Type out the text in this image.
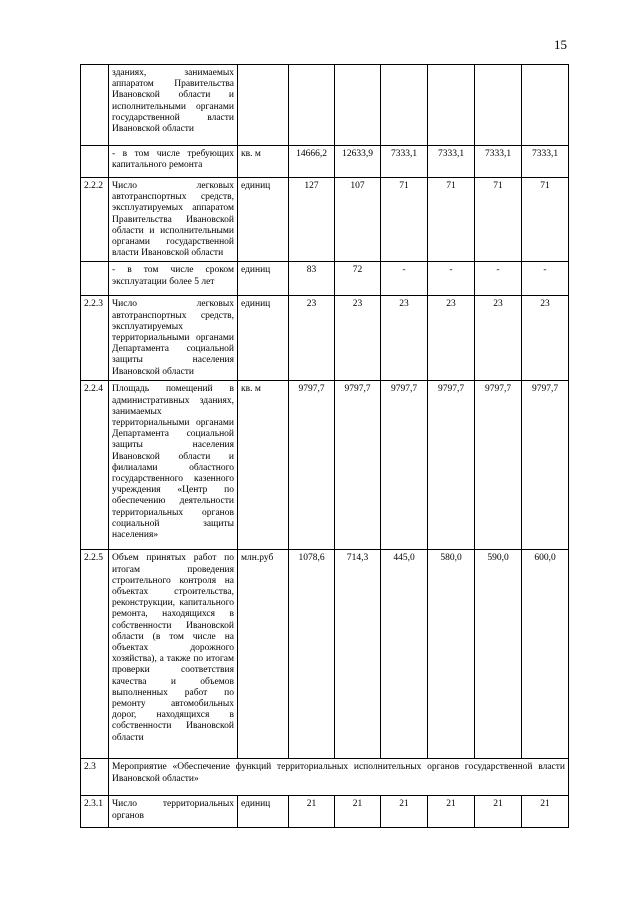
15
	зданиях, занимаемых аппаратом Правительства Ивановской области и исполнительными органами государственной власти Ивановской области							
	- в том числе требующих капитального ремонта	кв. м	14666,2	12633,9	7333,1	7333,1	7333,1	7333,1
2.2.2	Число легковых автотранспортных средств, эксплуатируемых аппаратом Правительства Ивановской области и исполнительными органами государственной власти Ивановской области	единиц	127	107	71	71	71	71
	- в том числе сроком эксплуатации более 5 лет	единиц	83	72	-	-	-	-
2.2.3	Число легковых автотранспортных средств, эксплуатируемых территориальными органами Департамента социальной защиты населения Ивановской области	единиц	23	23	23	23	23	23
2.2.4	Площадь помещений в административных зданиях, занимаемых территориальными органами Департамента социальной защиты населения Ивановской области и филиалами областного государственного казенного учреждения «Центр по обеспечению деятельности территориальных органов социальной защиты населения»	кв. м	9797,7	9797,7	9797,7	9797,7	9797,7	9797,7
2.2.5	Объем принятых работ по итогам проведения строительного контроля на объектах строительства, реконструкции, капитального ремонта, находящихся в собственности Ивановской области (в том числе на объектах дорожного хозяйства), а также по итогам проверки соответствия качества и объемов выполненных работ по ремонту автомобильных дорог, находящихся в собственности Ивановской области	млн.руб	1078,6	714,3	445,0	580,0	590,0	600,0
2.3	Мероприятие «Обеспечение функций территориальных исполнительных органов государственной власти Ивановской области»							
2.3.1	Число территориальных органов	единиц	21	21	21	21	21	21
